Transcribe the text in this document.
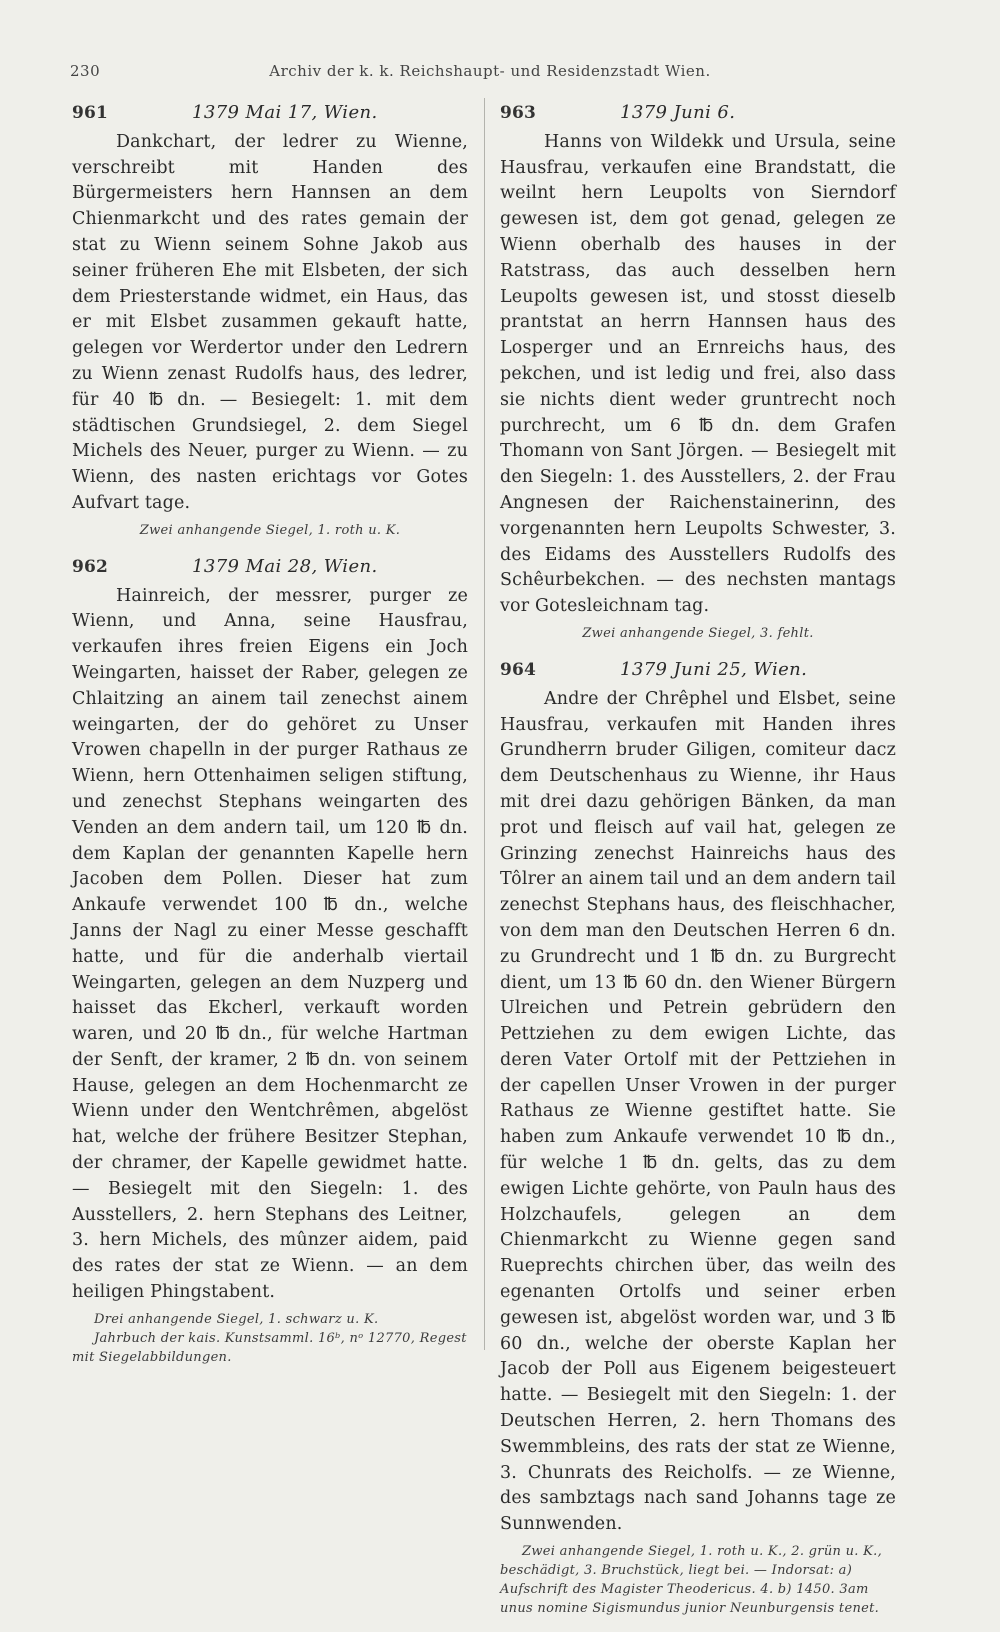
230	Archiv der k. k. Reichshaupt- und Residenzstadt Wien.
961	1379 Mai 17, Wien.

Dankchart, der ledrer zu Wienne, verschreibt mit Handen des Bürgermeisters hern Hannsen an dem Chienmarkcht und des rates gemain der stat zu Wienn seinem Sohne Jakob aus seiner früheren Ehe mit Elsbeten, der sich dem Priesterstande widmet, ein Haus, das er mit Elsbet zusammen gekauft hatte, gelegen vor Werdertor under den Ledrern zu Wienn zenast Rudolfs haus, des ledrer, für 40 ℔ dn. — Besiegelt: 1. mit dem städtischen Grundsiegel, 2. dem Siegel Michels des Neuer, purger zu Wienn. — zu Wienn, des nasten erichtags vor Gotes Aufvart tage.

Zwei anhangende Siegel, 1. roth u. K.

962	1379 Mai 28, Wien.

Hainreich, der messrer, purger ze Wienn, und Anna, seine Hausfrau, verkaufen ihres freien Eigens ein Joch Weingarten, haisset der Raber, gelegen ze Chlaitzing an ainem tail zenechst ainem weingarten, der do gehöret zu Unser Vrowen chapelln in der purger Rathaus ze Wienn, hern Ottenhaimen seligen stiftung, und zenechst Stephans weingarten des Venden an dem andern tail, um 120 ℔ dn. dem Kaplan der genannten Kapelle hern Jacoben dem Pollen. Dieser hat zum Ankaufe verwendet 100 ℔ dn., welche Janns der Nagl zu einer Messe geschafft hatte, und für die anderhalb viertail Weingarten, gelegen an dem Nuzperg und haisset das Ekcherl, verkauft worden waren, und 20 ℔ dn., für welche Hartman der Senft, der kramer, 2 ℔ dn. von seinem Hause, gelegen an dem Hochenmarcht ze Wienn under den Wentchrêmen, abgelöst hat, welche der frühere Besitzer Stephan, der chramer, der Kapelle gewidmet hatte. — Besiegelt mit den Siegeln: 1. des Ausstellers, 2. hern Stephans des Leitner, 3. hern Michels, des mûnzer aidem, paid des rates der stat ze Wienn. — an dem heiligen Phingstabent.

Drei anhangende Siegel, 1. schwarz u. K.

Jahrbuch der kais. Kunstsamml. 16ᵇ, nᵒ 12770, Regest mit Siegelabbildungen.

963	1379 Juni 6.

Hanns von Wildekk und Ursula, seine Hausfrau, verkaufen eine Brandstatt, die weilnt hern Leupolts von Sierndorf gewesen ist, dem got genad, gelegen ze Wienn oberhalb des hauses in der Ratstrass, das auch desselben hern Leupolts gewesen ist, und stosst dieselb prantstat an herrn Hannsen haus des Losperger und an Ernreichs haus, des pekchen, und ist ledig und frei, also dass sie nichts dient weder gruntrecht noch purchrecht, um 6 ℔ dn. dem Grafen Thomann von Sant Jörgen. — Besiegelt mit den Siegeln: 1. des Ausstellers, 2. der Frau Angnesen der Raichenstainerinn, des vorgenannten hern Leupolts Schwester, 3. des Eidams des Ausstellers Rudolfs des Schêurbekchen. — des nechsten mantags vor Gotesleichnam tag.

Zwei anhangende Siegel, 3. fehlt.

964	1379 Juni 25, Wien.

Andre der Chrêphel und Elsbet, seine Hausfrau, verkaufen mit Handen ihres Grundherrn bruder Giligen, comiteur dacz dem Deutschenhaus zu Wienne, ihr Haus mit drei dazu gehörigen Bänken, da man prot und fleisch auf vail hat, gelegen ze Grinzing zenechst Hainreichs haus des Tôlrer an ainem tail und an dem andern tail zenechst Stephans haus, des fleischhacher, von dem man den Deutschen Herren 6 dn. zu Grundrecht und 1 ℔ dn. zu Burgrecht dient, um 13 ℔ 60 dn. den Wiener Bürgern Ulreichen und Petrein gebrüdern den Pettziehen zu dem ewigen Lichte, das deren Vater Ortolf mit der Pettziehen in der capellen Unser Vrowen in der purger Rathaus ze Wienne gestiftet hatte. Sie haben zum Ankaufe verwendet 10 ℔ dn., für welche 1 ℔ dn. gelts, das zu dem ewigen Lichte gehörte, von Pauln haus des Holzchaufels, gelegen an dem Chienmarkcht zu Wienne gegen sand Rueprechts chirchen über, das weiln des egenanten Ortolfs und seiner erben gewesen ist, abgelöst worden war, und 3 ℔ 60 dn., welche der oberste Kaplan her Jacob der Poll aus Eigenem beigesteuert hatte. — Besiegelt mit den Siegeln: 1. der Deutschen Herren, 2. hern Thomans des Swemmbleins, des rats der stat ze Wienne, 3. Chunrats des Reicholfs. — ze Wienne, des sambztags nach sand Johanns tage ze Sunnwenden.

Zwei anhangende Siegel, 1. roth u. K., 2. grün u. K., beschädigt, 3. Bruchstück, liegt bei. — Indorsat: a) Aufschrift des Magister Theodericus. 4. b) 1450. 3am unus nomine Sigismundus junior Neunburgensis tenet.
